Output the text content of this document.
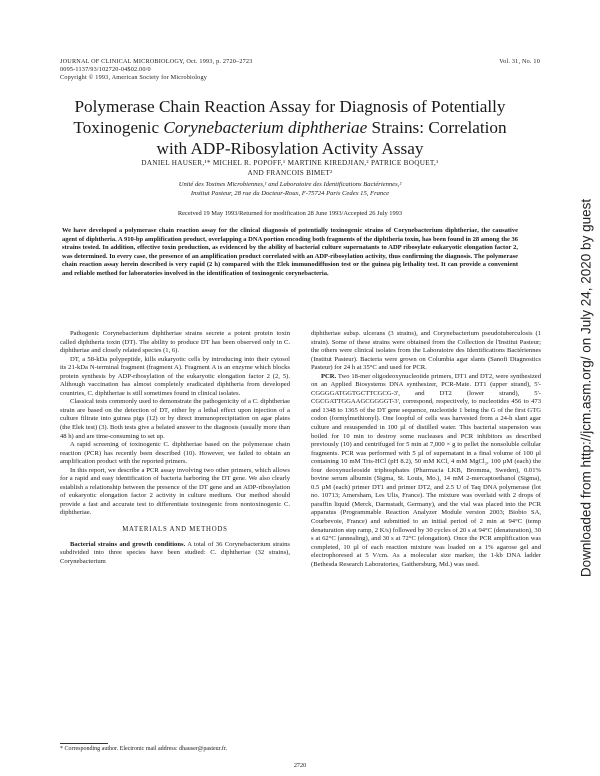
JOURNAL OF CLINICAL MICROBIOLOGY, Oct. 1993, p. 2720–2723
0095-1137/93/102720-04$02.00/0
Copyright © 1993, American Society for Microbiology
Vol. 31, No. 10
Polymerase Chain Reaction Assay for Diagnosis of Potentially
Toxinogenic Corynebacterium diphtheriae Strains: Correlation
with ADP-Ribosylation Activity Assay
DANIEL HAUSER,¹* MICHEL R. POPOFF,¹ MARTINE KIREDJIAN,² PATRICE BOQUET,¹
AND FRANCOIS BIMET²
Unité des Toxines Microbiennes,¹ and Laboratoire des Identifications Bactériennes,²
Institut Pasteur, 28 rue du Docteur-Roux, F-75724 Paris Cedex 15, France
Received 19 May 1993/Returned for modification 28 June 1993/Accepted 26 July 1993
We have developed a polymerase chain reaction assay for the clinical diagnosis of potentially toxinogenic strains of Corynebacterium diphtheriae, the causative agent of diphtheria. A 910-bp amplification product, overlapping a DNA portion encoding both fragments of the diphtheria toxin, has been found in 28 among the 36 strains tested. In addition, effective toxin production, as evidenced by the ability of bacterial culture supernatants to ADP ribosylate eukaryotic elongation factor 2, was determined. In every case, the presence of an amplification product correlated with an ADP-ribosylation activity, thus confirming the diagnosis. The polymerase chain reaction assay herein described is very rapid (2 h) compared with the Elek immunodiffusion test or the guinea pig lethality test. It can provide a convenient and reliable method for laboratories involved in the identification of toxinogenic corynebacteria.

Pathogenic Corynebacterium diphtheriae strains secrete a potent protein toxin called diphtheria toxin (DT). The ability to produce DT has been observed only in C. diphtheriae and closely related species (1, 6).

DT, a 58-kDa polypeptide, kills eukaryotic cells by introducing into their cytosol its 21-kDa N-terminal fragment (fragment A). Fragment A is an enzyme which blocks protein synthesis by ADP-ribosylation of the eukaryotic elongation factor 2 (2, 5). Although vaccination has almost completely eradicated diphtheria from developed countries, C. diphtheriae is still sometimes found in clinical isolates.

Classical tests commonly used to demonstrate the pathogenicity of a C. diphtheriae strain are based on the detection of DT, either by a lethal effect upon injection of a culture filtrate into guinea pigs (12) or by direct immunoprecipitation on agar plates (the Elek test) (3). Both tests give a belated answer to the diagnosis (usually more than 48 h) and are time-consuming to set up.

A rapid screening of toxinogenic C. diphtheriae based on the polymerase chain reaction (PCR) has recently been described (10). However, we failed to obtain an amplification product with the reported primers.

In this report, we describe a PCR assay involving two other primers, which allows for a rapid and easy identification of bacteria harboring the DT gene. We also clearly establish a relationship between the presence of the DT gene and an ADP-ribosylation of eukaryotic elongation factor 2 activity in culture medium. Our method should provide a fast and accurate test to differentiate toxinogenic from nontoxinogenic C. diphtheriae.

MATERIALS AND METHODS

Bacterial strains and growth conditions. A total of 36 Corynebacterium strains subdivided into three species have been studied: C. diphtheriae (32 strains), Corynebacterium

diphtheriae subsp. ulcerans (3 strains), and Corynebacterium pseudotuberculosis (1 strain). Some of these strains were obtained from the Collection de l'Institut Pasteur; the others were clinical isolates from the Laboratoire des Identifications Bactériennes (Institut Pasteur). Bacteria were grown on Columbia agar slants (Sanofi Diagnostics Pasteur) for 24 h at 35°C and used for PCR.

PCR. Two 18-mer oligodeoxynucleotide primers, DT1 and DT2, were synthesized on an Applied Biosystems DNA synthesizer, PCR-Mate. DT1 (upper strand), 5'-CGGGGATGGTGCTTCGCG-3', and DT2 (lower strand), 5'-CGCGATTGGAAGCGGGGT-3', correspond, respectively, to nucleotides 456 to 473 and 1348 to 1365 of the DT gene sequence, nucleotide 1 being the G of the first GTG codon (formylmethionyl). One loopful of cells was harvested from a 24-h slant agar culture and resuspended in 100 µl of distilled water. This bacterial suspension was boiled for 10 min to destroy some nucleases and PCR inhibitors as described previously (10) and centrifuged for 5 min at 7,000 × g to pellet the nonsoluble cellular fragments. PCR was performed with 5 µl of supernatant in a final volume of 100 µl containing 10 mM Tris-HCl (pH 8.2), 50 mM KCl, 4 mM MgCl₂, 100 µM (each) the four deoxynucleoside triphosphates (Pharmacia LKB, Bromma, Sweden), 0.01% bovine serum albumin (Sigma, St. Louis, Mo.), 14 mM 2-mercaptoethanol (Sigma), 0.5 µM (each) primer DT1 and primer DT2, and 2.5 U of Taq DNA polymerase (lot no. 10713; Amersham, Les Ulis, France). The mixture was overlaid with 2 drops of paraffin liquid (Merck, Darmstadt, Germany), and the vial was placed into the PCR apparatus (Programmable Reaction Analyzer Module version 2003; Biobio SA, Courbevoie, France) and submitted to an initial period of 2 min at 94°C (temp denaturation step ramp, 2 K/s) followed by 30 cycles of 20 s at 94°C (denaturation), 30 s at 62°C (annealing), and 30 s at 72°C (elongation). Once the PCR amplification was completed, 10 µl of each reaction mixture was loaded on a 1% agarose gel and electrophoresed at 5 V/cm. As a molecular size marker, the 1-kb DNA ladder (Bethesda Research Laboratories, Gaithersburg, Md.) was used.

* Corresponding author. Electronic mail address: dhauser@pasteur.fr.
2720
Downloaded from http://jcm.asm.org/ on July 24, 2020 by guest
